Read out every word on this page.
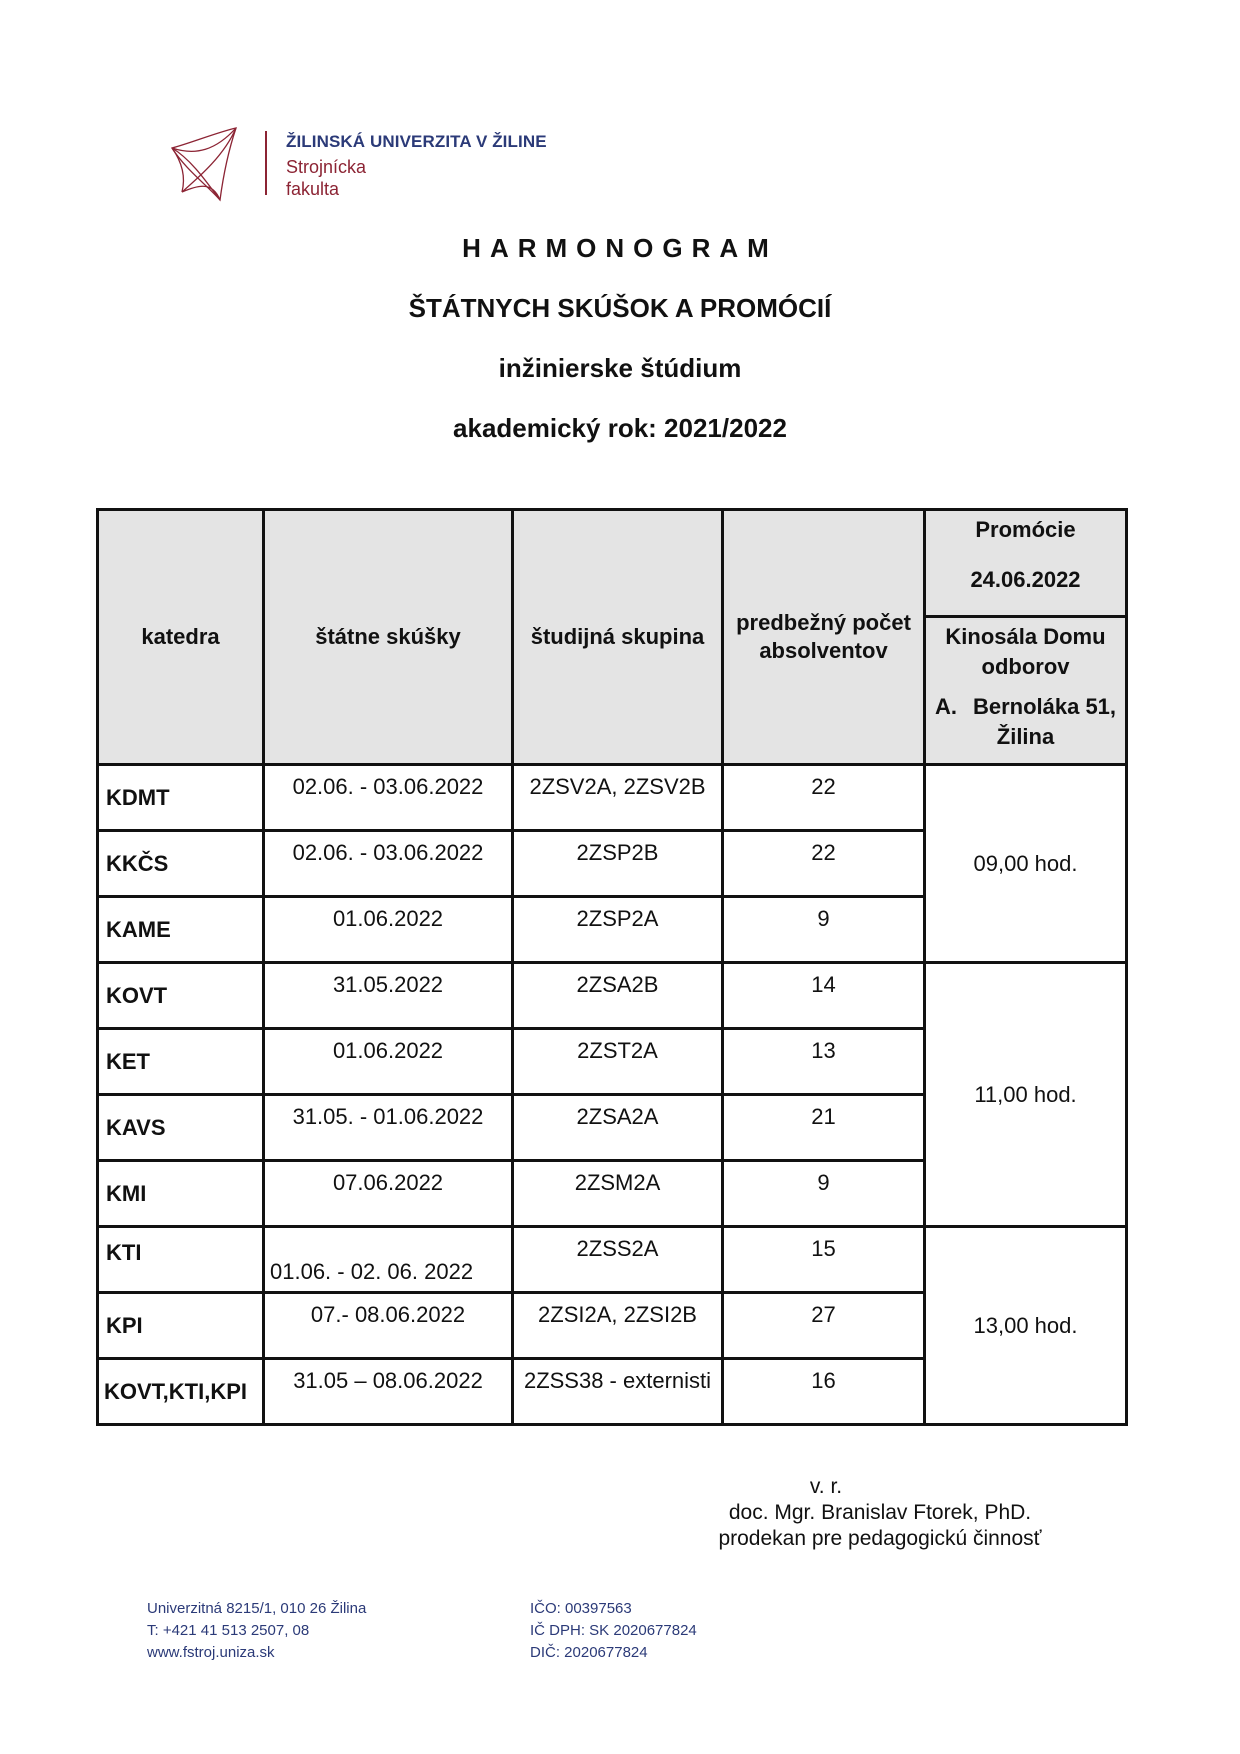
ŽILINSKÁ UNIVERZITA V ŽILINE
Strojnícka
fakulta
HARMONOGRAM
ŠTÁTNYCH SKÚŠOK A PROMÓCIÍ
inžinierske štúdium
akademický rok: 2021/2022
katedra	štátne skúšky	študijná skupina	predbežný počet absolventov	Promócie
24.06.2022

				Kinosála Domu odborov
A. Bernoláka 51, Žilina

KDMT	02.06. - 03.06.2022	2ZSV2A, 2ZSV2B	22	09,00 hod.
KKČS	02.06. - 03.06.2022	2ZSP2B	22	
KAME	01.06.2022	2ZSP2A	9	
KOVT	31.05.2022	2ZSA2B	14	11,00 hod.
KET	01.06.2022	2ZST2A	13	
KAVS	31.05. - 01.06.2022	2ZSA2A	21	
KMI	07.06.2022	2ZSM2A	9	
KTI	01.06. - 02. 06. 2022	2ZSS2A	15	13,00 hod.
KPI	07.- 08.06.2022	2ZSI2A, 2ZSI2B	27	
KOVT,KTI,KPI	31.05 – 08.06.2022	2ZSS38 - externisti	16	
v. r.
doc. Mgr. Branislav Ftorek, PhD.
prodekan pre pedagogickú činnosť
Univerzitná 8215/1, 010 26 Žilina
T: +421 41 513 2507, 08
www.fstroj.uniza.sk
IČO: 00397563
IČ DPH: SK 2020677824
DIČ: 2020677824
